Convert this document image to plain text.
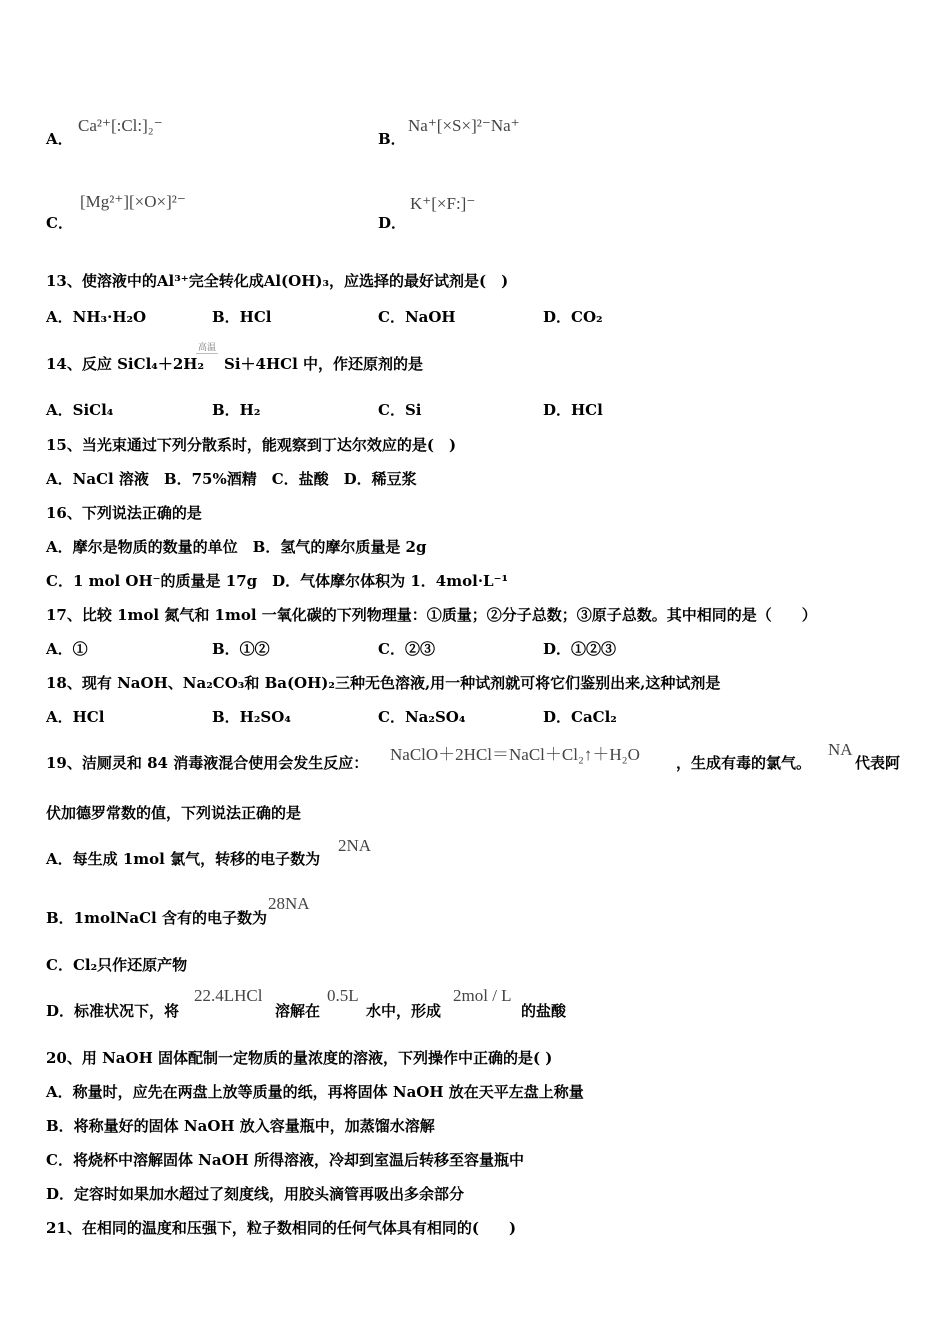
A．
Ca²⁺[:Cl:]₂⁻
B．
Na⁺[×S×]²⁻Na⁺
C．
[Mg²⁺][×O×]²⁻
D．
K⁺[×F:]⁻
13、使溶液中的Al³⁺完全转化成Al(OH)₃，应选择的最好试剂是(　)
A．NH₃·H₂O	B．HCl	C．NaOH	D．CO₂
14、反应 SiCl₄＋2H₂
高温
Si＋4HCl 中，作还原剂的是
A．SiCl₄	B．H₂	C．Si	D．HCl
15、当光束通过下列分散系时，能观察到丁达尔效应的是(　)
A．NaCl 溶液　B．75%酒精　C．盐酸　D．稀豆浆
16、下列说法正确的是
A．摩尔是物质的数量的单位　B．氢气的摩尔质量是 2g
C．1 mol OH⁻的质量是 17g　D．气体摩尔体积为 1．4mol·L⁻¹
17、比较 1mol 氮气和 1mol 一氧化碳的下列物理量：①质量；②分子总数；③原子总数。其中相同的是（　　）
A．①	B．①②	C．②③	D．①②③
18、现有 NaOH、Na₂CO₃和 Ba(OH)₂三种无色溶液,用一种试剂就可将它们鉴别出来,这种试剂是
A．HCl	B．H₂SO₄	C．Na₂SO₄	D．CaCl₂
19、洁厕灵和 84 消毒液混合使用会发生反应： NaClO＋2HCl＝NaCl＋Cl₂↑＋H₂O ，生成有毒的氯气。
NA
代表阿
伏加德罗常数的值，下列说法正确的是
A．每生成 1mol 氯气，转移的电子数为
2NA
B．1molNaCl 含有的电子数为
28NA
C．Cl₂只作还原产物
D．标准状况下，将
22.4LHCl
溶解在
0.5L
水中，形成
2mol / L
的盐酸
20、用 NaOH 固体配制一定物质的量浓度的溶液，下列操作中正确的是( )
A．称量时，应先在两盘上放等质量的纸，再将固体 NaOH 放在天平左盘上称量
B．将称量好的固体 NaOH 放入容量瓶中，加蒸馏水溶解
C．将烧杯中溶解固体 NaOH 所得溶液，冷却到室温后转移至容量瓶中
D．定容时如果加水超过了刻度线，用胶头滴管再吸出多余部分
21、在相同的温度和压强下，粒子数相同的任何气体具有相同的(　　)
